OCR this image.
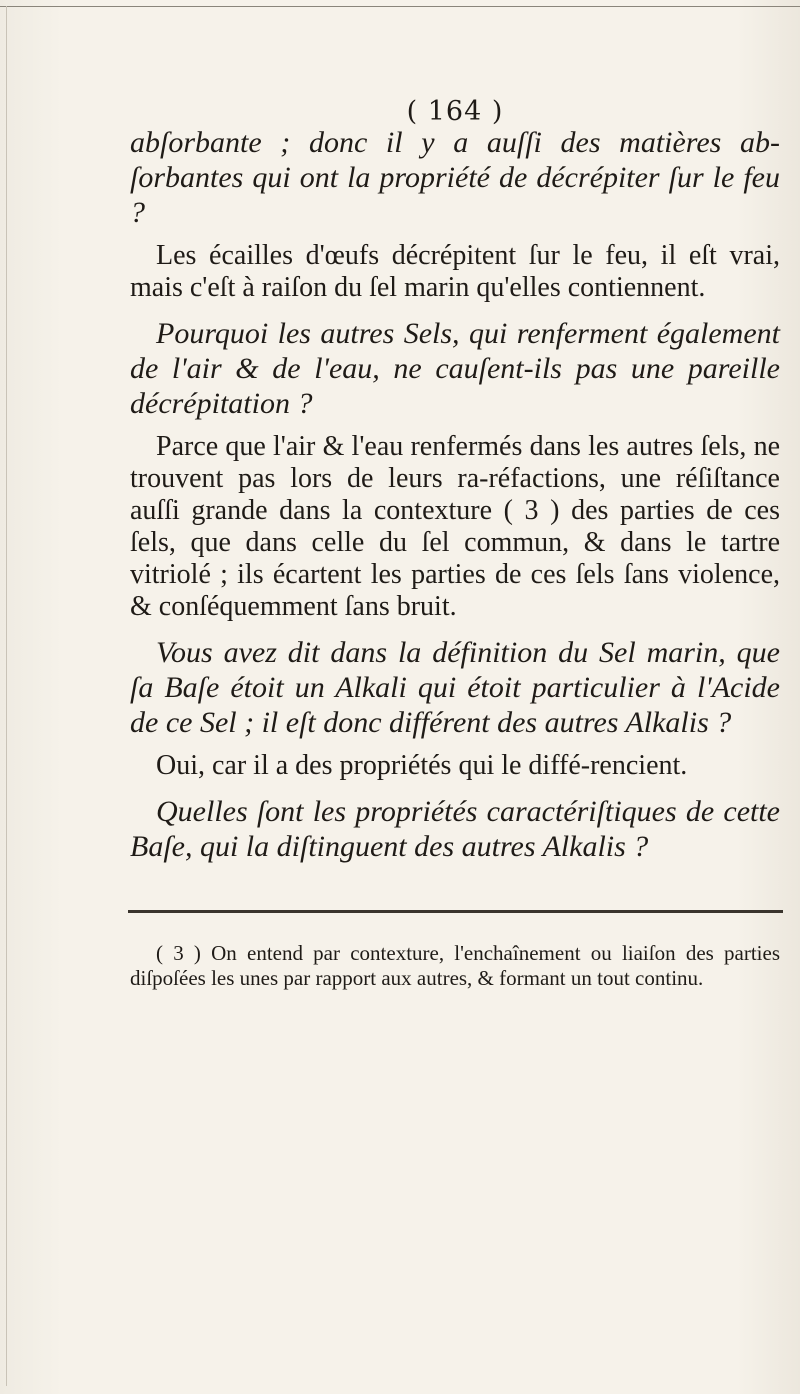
( 164 )

abſorbante ; donc il y a auſſi des matières ab-ſorbantes qui ont la propriété de décrépiter ſur le feu ?

Les écailles d'œufs décrépitent ſur le feu, il eſt vrai, mais c'eſt à raiſon du ſel marin qu'elles contiennent.

Pourquoi les autres Sels, qui renferment également de l'air & de l'eau, ne cauſent-ils pas une pareille décrépitation ?

Parce que l'air & l'eau renfermés dans les autres ſels, ne trouvent pas lors de leurs ra-réfactions, une réſiſtance auſſi grande dans la contexture ( 3 ) des parties de ces ſels, que dans celle du ſel commun, & dans le tartre vitriolé ; ils écartent les parties de ces ſels ſans violence, & conſéquemment ſans bruit.

Vous avez dit dans la définition du Sel marin, que ſa Baſe étoit un Alkali qui étoit particulier à l'Acide de ce Sel ; il eſt donc différent des autres Alkalis ?

Oui, car il a des propriétés qui le diffé-rencient.

Quelles ſont les propriétés caractériſtiques de cette Baſe, qui la diſtinguent des autres Alkalis ?

( 3 ) On entend par contexture, l'enchaînement ou liaiſon des parties diſpoſées les unes par rapport aux autres, & formant un tout continu.
